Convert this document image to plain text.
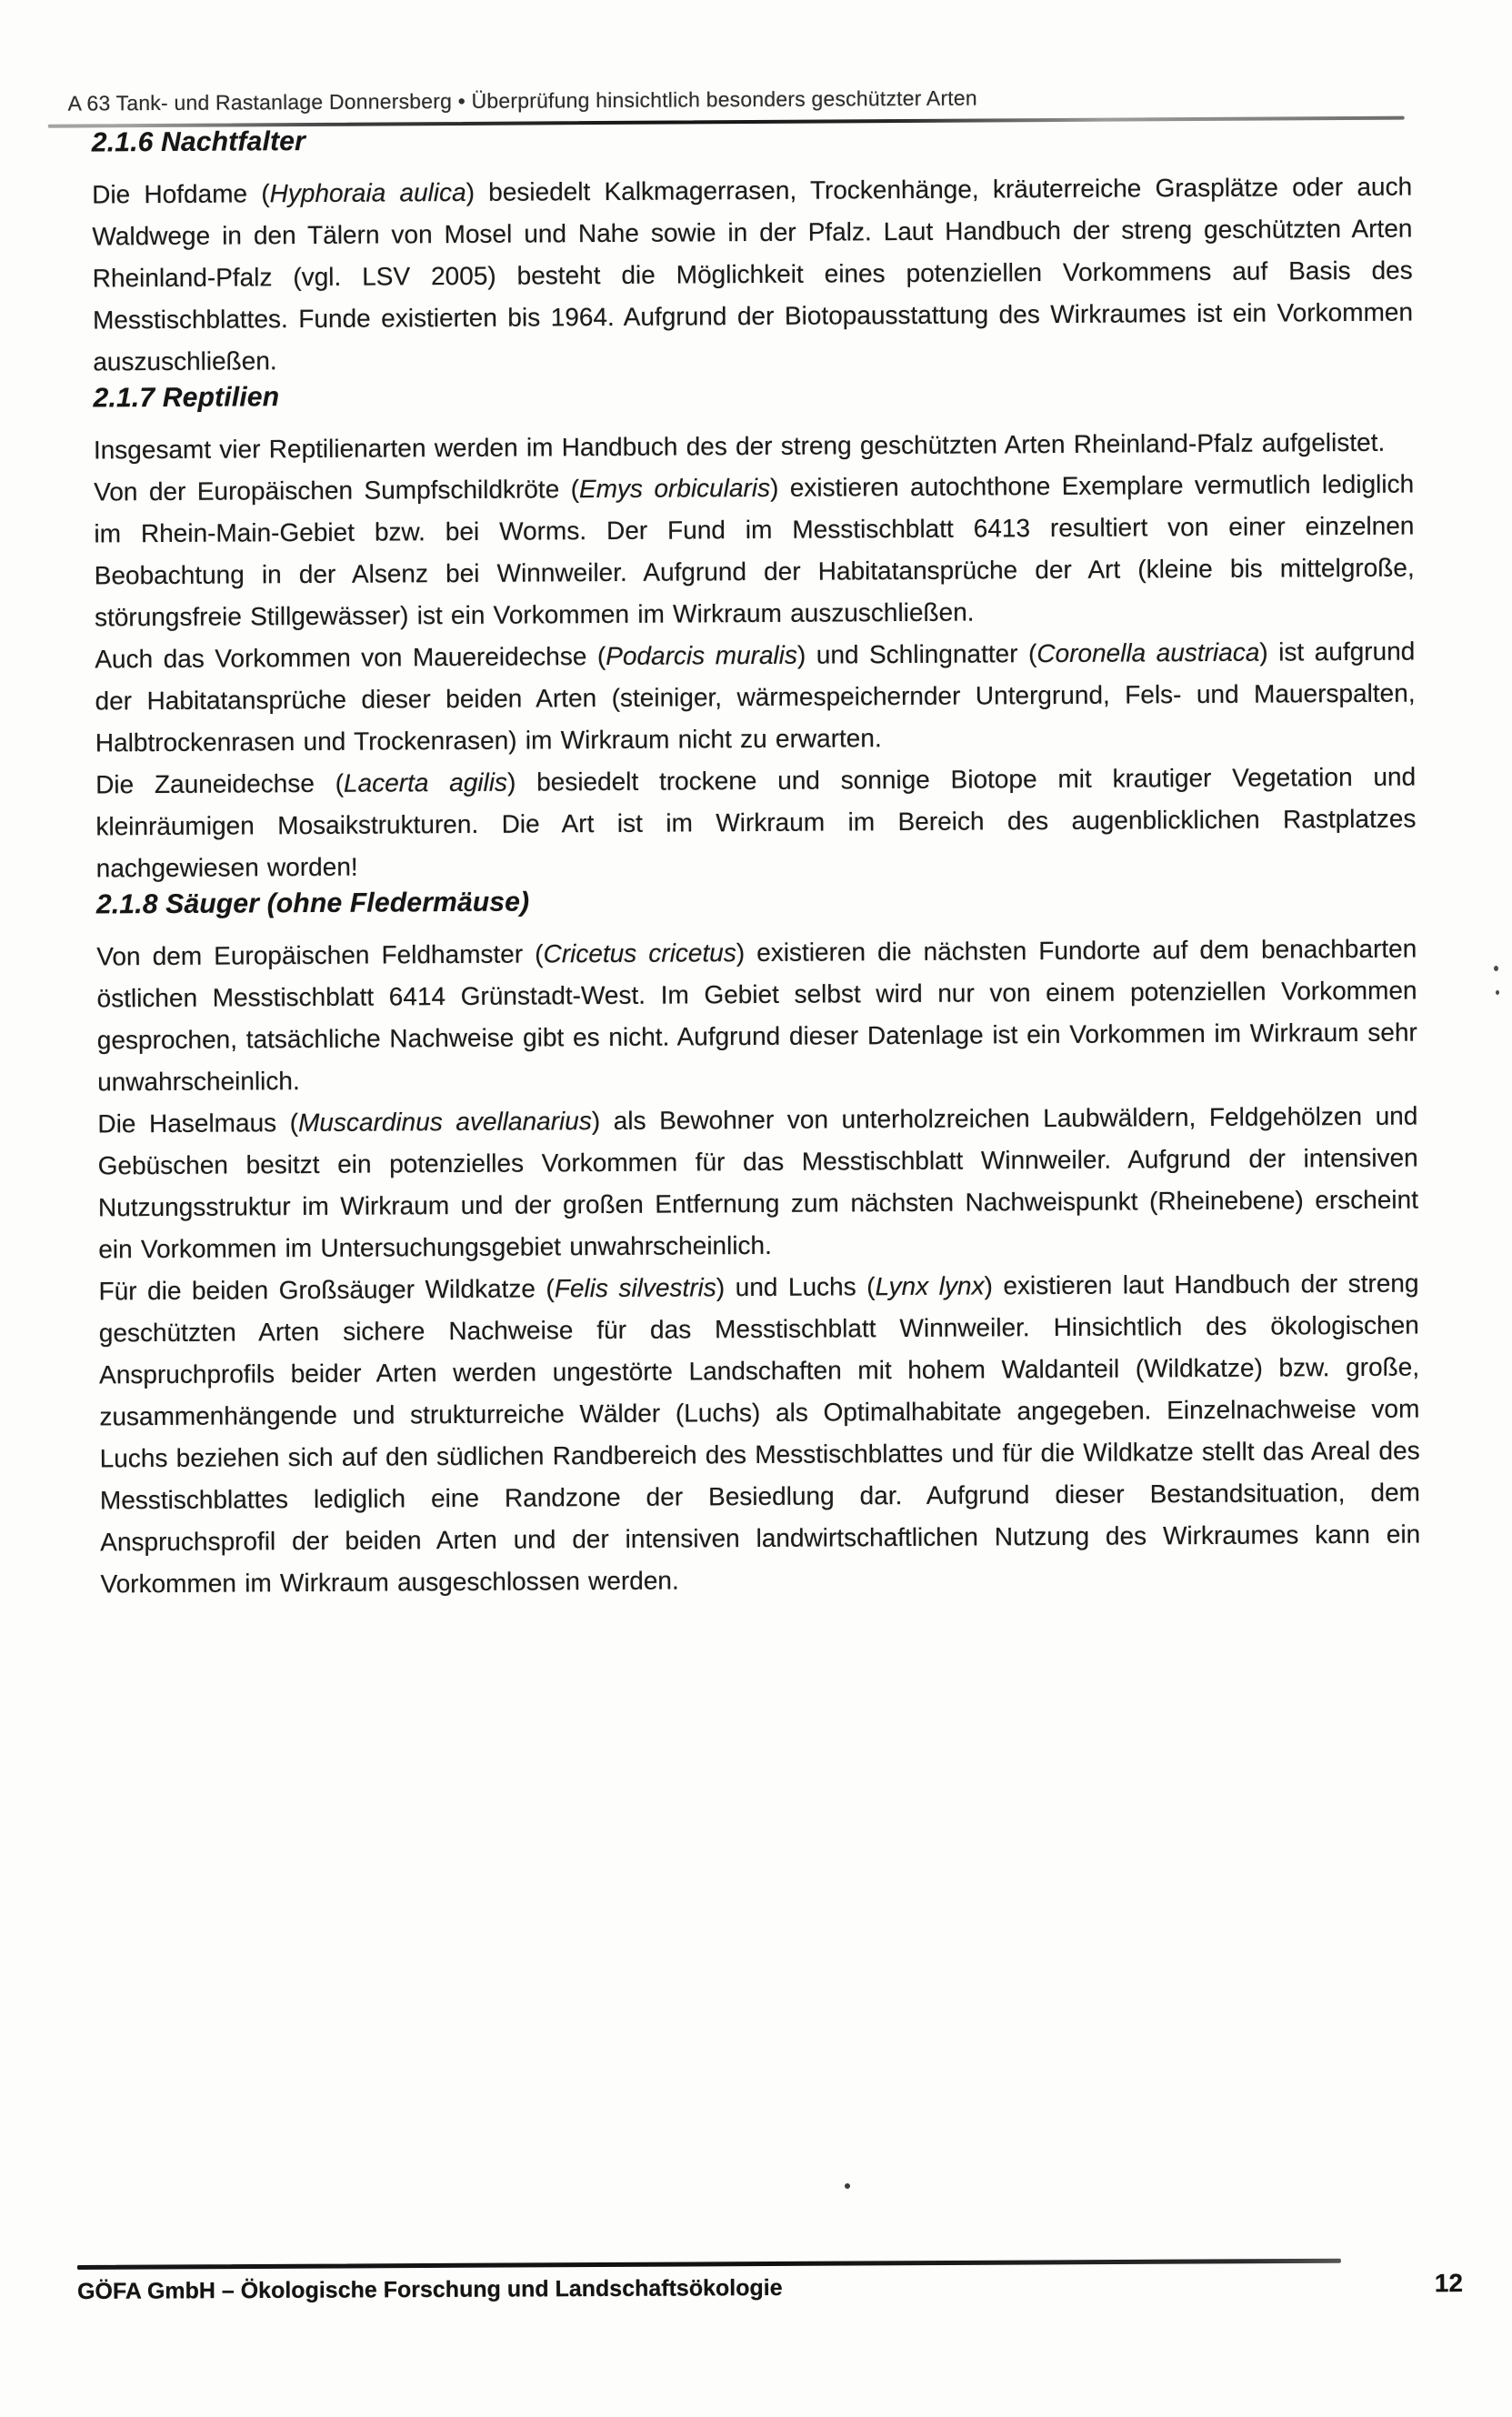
A 63 Tank- und Rastanlage Donnersberg • Überprüfung hinsichtlich besonders geschützter Arten
2.1.6 Nachtfalter

Die Hofdame (Hyphoraia aulica) besiedelt Kalkmagerrasen, Trockenhänge, kräuterreiche Grasplätze oder auch Waldwege in den Tälern von Mosel und Nahe sowie in der Pfalz. Laut Handbuch der streng geschützten Arten Rheinland-Pfalz (vgl. LSV 2005) besteht die Möglichkeit eines potenziellen Vorkommens auf Basis des Messtischblattes. Funde existierten bis 1964. Aufgrund der Biotopausstattung des Wirkraumes ist ein Vorkommen auszuschließen.

2.1.7 Reptilien

Insgesamt vier Reptilienarten werden im Handbuch des der streng geschützten Arten Rheinland-Pfalz aufgelistet.

Von der Europäischen Sumpfschildkröte (Emys orbicularis) existieren autochthone Exemplare vermutlich lediglich im Rhein-Main-Gebiet bzw. bei Worms. Der Fund im Messtischblatt 6413 resultiert von einer einzelnen Beobachtung in der Alsenz bei Winnweiler. Aufgrund der Habitatansprüche der Art (kleine bis mittelgroße, störungsfreie Stillgewässer) ist ein Vorkommen im Wirkraum auszuschließen.

Auch das Vorkommen von Mauereidechse (Podarcis muralis) und Schlingnatter (Coronella austriaca) ist aufgrund der Habitatansprüche dieser beiden Arten (steiniger, wärmespeichernder Untergrund, Fels- und Mauerspalten, Halbtrockenrasen und Trockenrasen) im Wirkraum nicht zu erwarten.

Die Zauneidechse (Lacerta agilis) besiedelt trockene und sonnige Biotope mit krautiger Vegetation und kleinräumigen Mosaikstrukturen. Die Art ist im Wirkraum im Bereich des augenblicklichen Rastplatzes nachgewiesen worden!

2.1.8 Säuger (ohne Fledermäuse)

Von dem Europäischen Feldhamster (Cricetus cricetus) existieren die nächsten Fundorte auf dem benachbarten östlichen Messtischblatt 6414 Grünstadt-West. Im Gebiet selbst wird nur von einem potenziellen Vorkommen gesprochen, tatsächliche Nachweise gibt es nicht. Aufgrund dieser Datenlage ist ein Vorkommen im Wirkraum sehr unwahrscheinlich.

Die Haselmaus (Muscardinus avellanarius) als Bewohner von unterholzreichen Laubwäldern, Feldgehölzen und Gebüschen besitzt ein potenzielles Vorkommen für das Messtischblatt Winnweiler. Aufgrund der intensiven Nutzungsstruktur im Wirkraum und der großen Entfernung zum nächsten Nachweispunkt (Rheinebene) erscheint ein Vorkommen im Untersuchungsgebiet unwahrscheinlich.

Für die beiden Großsäuger Wildkatze (Felis silvestris) und Luchs (Lynx lynx) existieren laut Handbuch der streng geschützten Arten sichere Nachweise für das Messtischblatt Winnweiler. Hinsichtlich des ökologischen Anspruchprofils beider Arten werden ungestörte Landschaften mit hohem Waldanteil (Wildkatze) bzw. große, zusammenhängende und strukturreiche Wälder (Luchs) als Optimalhabitate angegeben. Einzelnachweise vom Luchs beziehen sich auf den südlichen Randbereich des Messtischblattes und für die Wildkatze stellt das Areal des Messtischblattes lediglich eine Randzone der Besiedlung dar. Aufgrund dieser Bestandsituation, dem Anspruchsprofil der beiden Arten und der intensiven landwirtschaftlichen Nutzung des Wirkraumes kann ein Vorkommen im Wirkraum ausgeschlossen werden.

GÖFA GmbH – Ökologische Forschung und Landschaftsökologie	12
